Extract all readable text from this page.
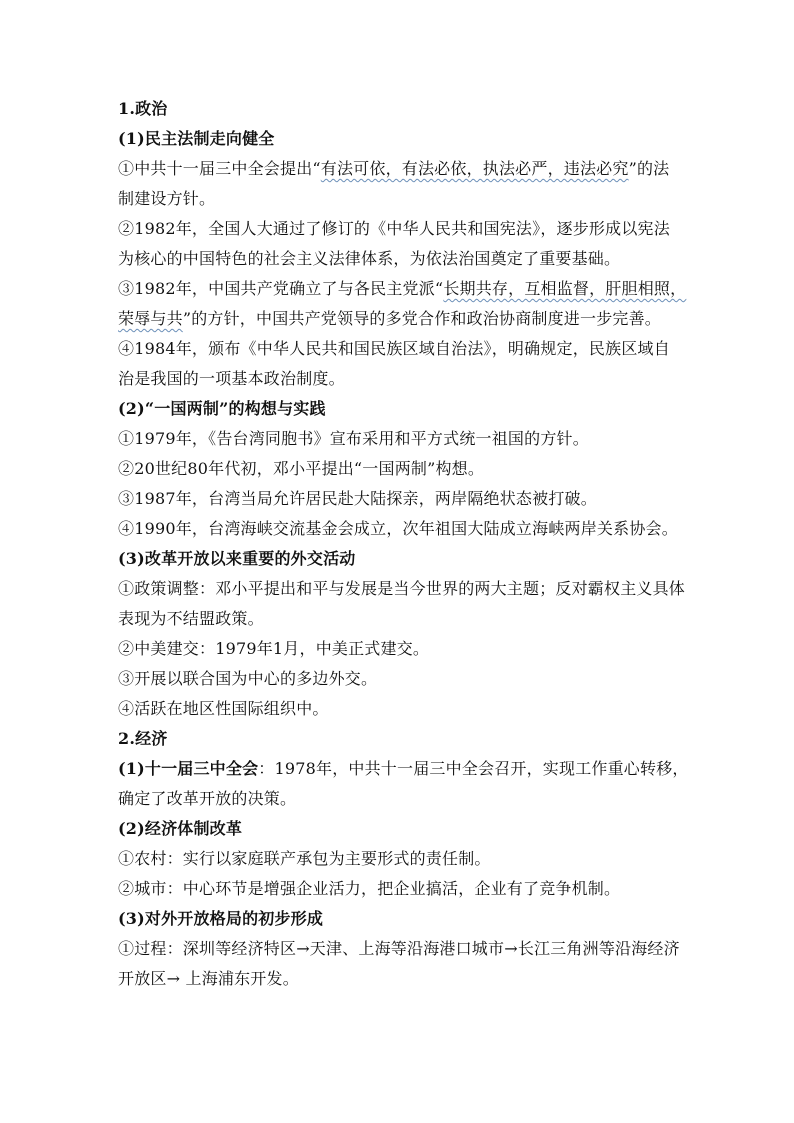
1.政治
(1)民主法制走向健全
①中共十一届三中全会提出“有法可依，有法必依，执法必严，违法必究”的法
制建设方针。
②1982年，全国人大通过了修订的《中华人民共和国宪法》，逐步形成以宪法
为核心的中国特色的社会主义法律体系，为依法治国奠定了重要基础。
③1982年，中国共产党确立了与各民主党派“长期共存，互相监督，肝胆相照，
荣辱与共”的方针，中国共产党领导的多党合作和政治协商制度进一步完善。
④1984年，颁布《中华人民共和国民族区域自治法》，明确规定，民族区域自
治是我国的一项基本政治制度。
(2)“一国两制”的构想与实践
①1979年，《告台湾同胞书》宣布采用和平方式统一祖国的方针。
②20世纪80年代初，邓小平提出“一国两制”构想。
③1987年，台湾当局允许居民赴大陆探亲，两岸隔绝状态被打破。
④1990年，台湾海峡交流基金会成立，次年祖国大陆成立海峡两岸关系协会。
(3)改革开放以来重要的外交活动
①政策调整：邓小平提出和平与发展是当今世界的两大主题；反对霸权主义具体
表现为不结盟政策。
②中美建交：1979年1月，中美正式建交。
③开展以联合国为中心的多边外交。
④活跃在地区性国际组织中。
2.经济
(1)十一届三中全会：1978年，中共十一届三中全会召开，实现工作重心转移，
确定了改革开放的决策。
(2)经济体制改革
①农村：实行以家庭联产承包为主要形式的责任制。
②城市：中心环节是增强企业活力，把企业搞活，企业有了竞争机制。
(3)对外开放格局的初步形成
①过程：深圳等经济特区→天津、上海等沿海港口城市→长江三角洲等沿海经济
开放区→ 上海浦东开发。
